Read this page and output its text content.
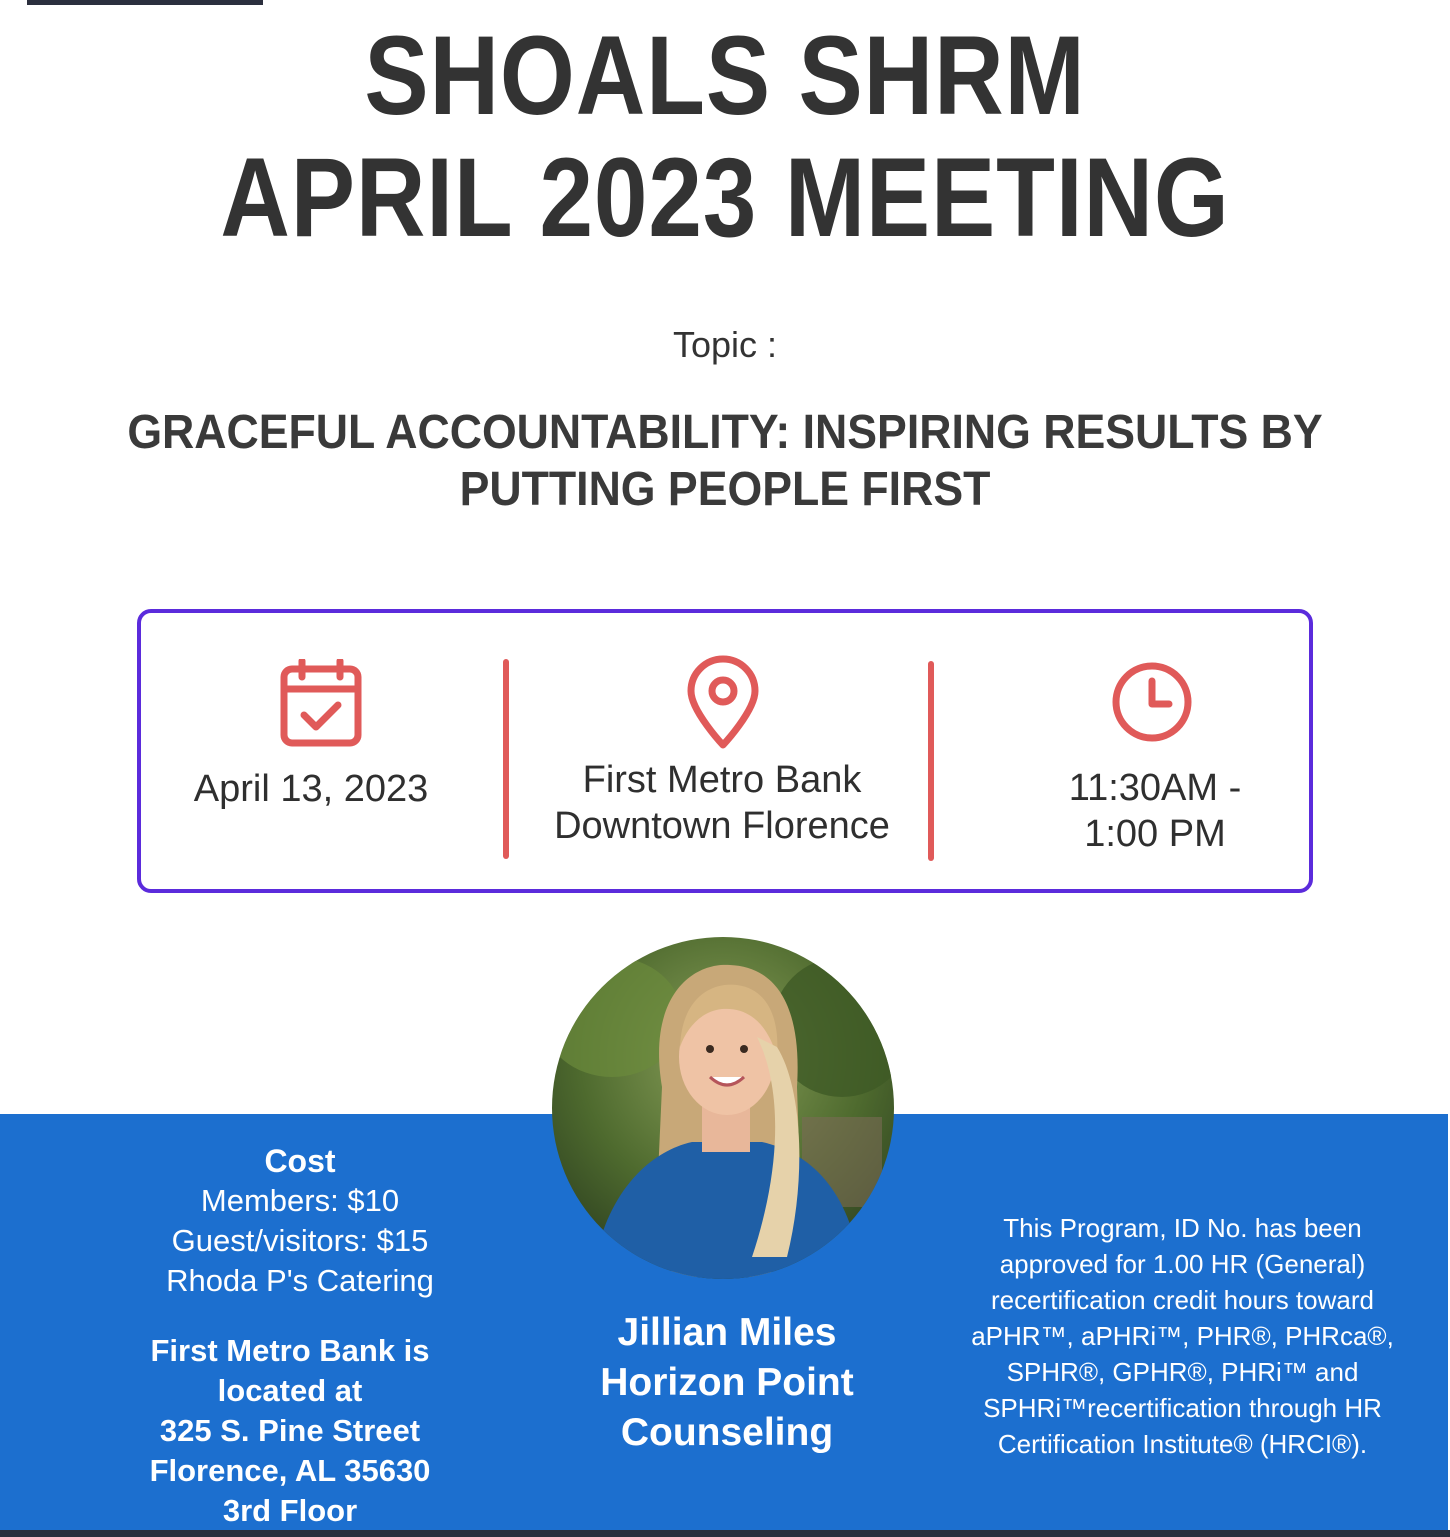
SHOALS SHRM
APRIL 2023 MEETING
Topic :
GRACEFUL ACCOUNTABILITY: INSPIRING RESULTS BY
PUTTING PEOPLE FIRST
April 13, 2023	First Metro Bank
Downtown Florence
11:30AM -
1:00 PM
Cost
Members: $10
Guest/visitors: $15
Rhoda P's Catering
First Metro Bank is
located at
325 S. Pine Street
Florence, AL 35630
3rd Floor
Jillian Miles
Horizon Point
Counseling
This Program, ID No. has been
approved for 1.00 HR (General)
recertification credit hours toward
aPHR™, aPHRi™, PHR®, PHRca®,
SPHR®, GPHR®, PHRi™ and
SPHRi™recertification through HR
Certification Institute® (HRCI®).
